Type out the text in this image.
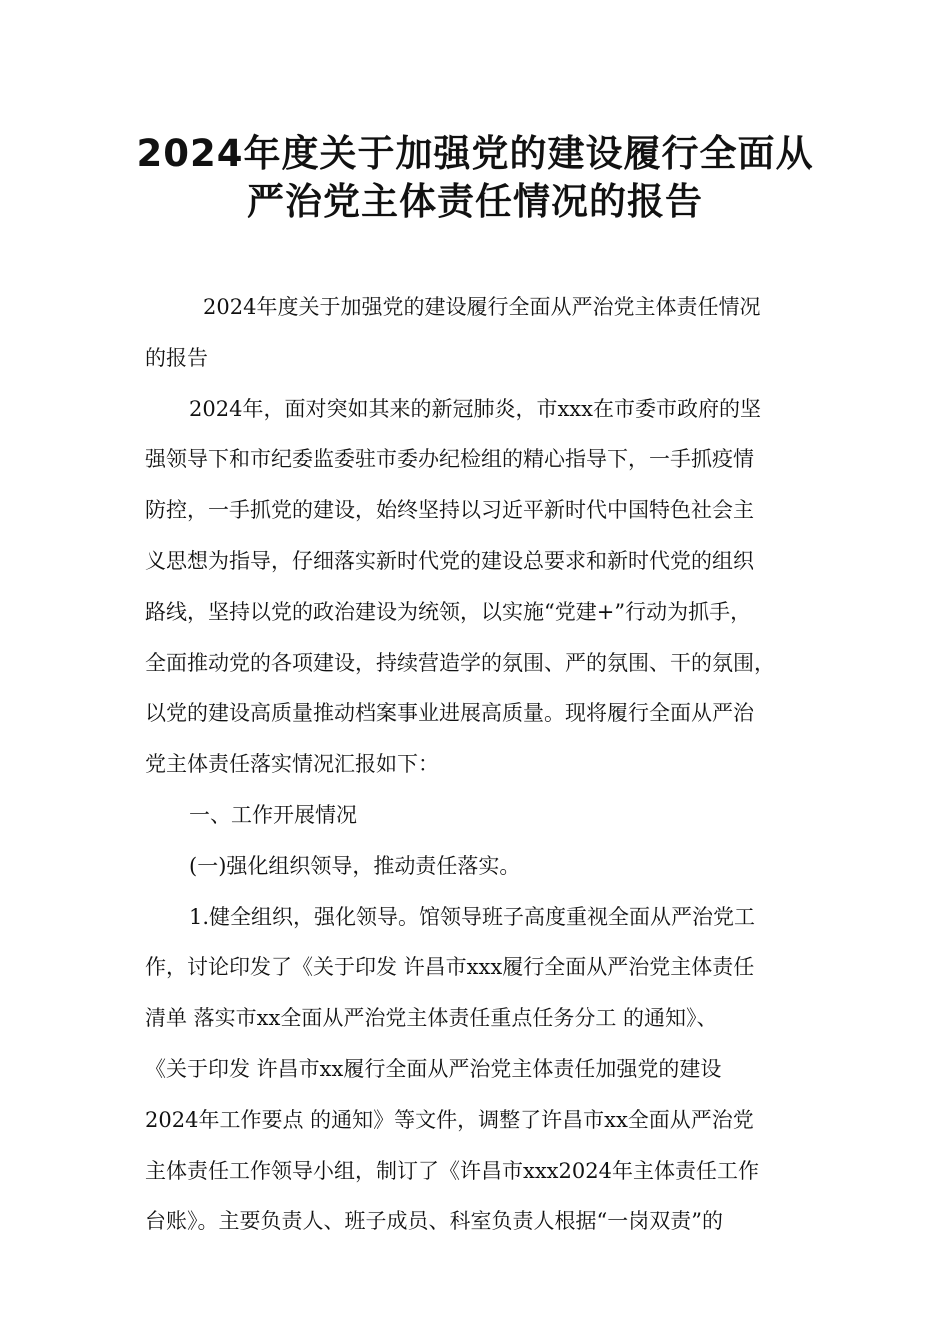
2024年度关于加强党的建设履行全面从
严治党主体责任情况的报告
2024年度关于加强党的建设履行全面从严治党主体责任情况
的报告
2024年，面对突如其来的新冠肺炎，市xxx在市委市政府的坚
强领导下和市纪委监委驻市委办纪检组的精心指导下，一手抓疫情
防控，一手抓党的建设，始终坚持以习近平新时代中国特色社会主
义思想为指导，仔细落实新时代党的建设总要求和新时代党的组织
路线，坚持以党的政治建设为统领，以实施“党建+”行动为抓手，
全面推动党的各项建设，持续营造学的氛围、严的氛围、干的氛围，
以党的建设高质量推动档案事业进展高质量。现将履行全面从严治
党主体责任落实情况汇报如下：
一、工作开展情况
(一)强化组织领导，推动责任落实。
1.健全组织，强化领导。馆领导班子高度重视全面从严治党工
作，讨论印发了《关于印发 许昌市xxx履行全面从严治党主体责任
清单 落实市xx全面从严治党主体责任重点任务分工 的通知》、
《关于印发 许昌市xx履行全面从严治党主体责任加强党的建设
2024年工作要点 的通知》等文件，调整了许昌市xx全面从严治党
主体责任工作领导小组，制订了《许昌市xxx2024年主体责任工作
台账》。主要负责人、班子成员、科室负责人根据“一岗双责”的
